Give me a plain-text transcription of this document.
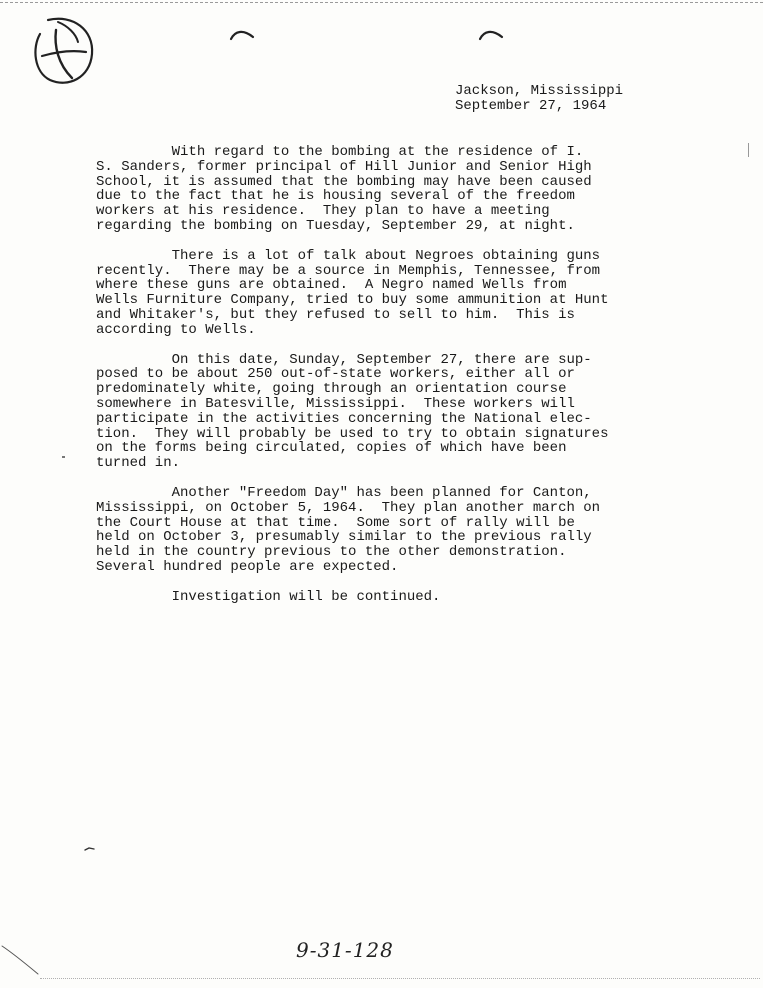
Jackson, Mississippi
September 27, 1964
With regard to the bombing at the residence of I.
S. Sanders, former principal of Hill Junior and Senior High
School, it is assumed that the bombing may have been caused
due to the fact that he is housing several of the freedom
workers at his residence.  They plan to have a meeting
regarding the bombing on Tuesday, September 29, at night.
There is a lot of talk about Negroes obtaining guns
recently.  There may be a source in Memphis, Tennessee, from
where these guns are obtained.  A Negro named Wells from
Wells Furniture Company, tried to buy some ammunition at Hunt
and Whitaker's, but they refused to sell to him.  This is
according to Wells.
On this date, Sunday, September 27, there are sup-
posed to be about 250 out-of-state workers, either all or
predominately white, going through an orientation course
somewhere in Batesville, Mississippi.  These workers will
participate in the activities concerning the National elec-
tion.  They will probably be used to try to obtain signatures
on the forms being circulated, copies of which have been
turned in.
Another "Freedom Day" has been planned for Canton,
Mississippi, on October 5, 1964.  They plan another march on
the Court House at that time.  Some sort of rally will be
held on October 3, presumably similar to the previous rally
held in the country previous to the other demonstration.
Several hundred people are expected.
Investigation will be continued.
9-31-128
